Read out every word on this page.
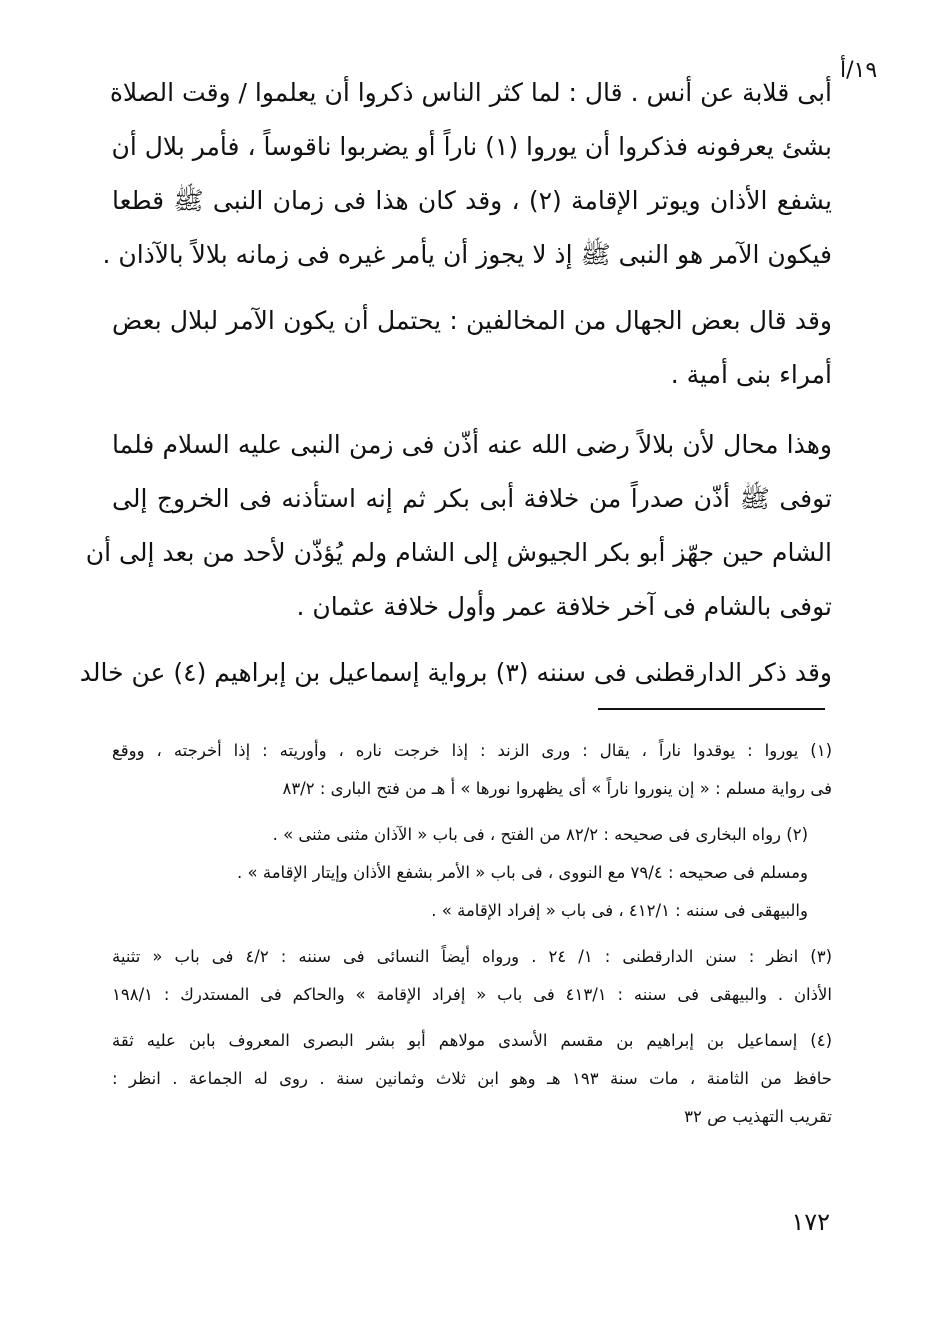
١٩/أ
أبى قلابة عن أنس . قال : لما كثر الناس ذكروا أن يعلموا / وقت الصلاة
بشئ يعرفونه فذكروا أن يوروا (١) ناراً أو يضربوا ناقوساً ، فأمر بلال أن
يشفع الأذان ويوتر الإقامة (٢) ، وقد كان هذا فى زمان النبى ﷺ قطعا
فيكون الآمر هو النبى ﷺ إذ لا يجوز أن يأمر غيره فى زمانه بلالاً بالآذان .
وقد قال بعض الجهال من المخالفين : يحتمل أن يكون الآمر لبلال بعض
أمراء بنى أمية .
وهذا محال لأن بلالاً رضى الله عنه أذّن فى زمن النبى عليه السلام فلما
توفى ﷺ أذّن صدراً من خلافة أبى بكر ثم إنه استأذنه فى الخروج إلى
الشام حين جهّز أبو بكر الجيوش إلى الشام ولم يُؤذّن لأحد من بعد إلى أن
توفى بالشام فى آخر خلافة عمر وأول خلافة عثمان .
وقد ذكر الدارقطنى فى سننه (٣) برواية إسماعيل بن إبراهيم (٤) عن خالد
(١) يوروا : يوقدوا ناراً ، يقال : ورى الزند : إذا خرجت ناره ، وأوريته : إذا أخرجته ، ووقع
فى رواية مسلم : « إن ينوروا ناراً » أى يظهروا نورها » أ هـ من فتح البارى : ٨٣/٢
(٢) رواه البخارى فى صحيحه : ٨٢/٢ من الفتح ، فى باب « الآذان مثنى مثنى » .
ومسلم فى صحيحه : ٧٩/٤ مع النووى ، فى باب « الأمر بشفع الأذان وإيتار الإقامة » .
والبيهقى فى سننه : ٤١٢/١ ، فى باب « إفراد الإقامة » .
(٣) انظر : سنن الدارقطنى : ١/ ٢٤ . ورواه أيضاً النسائى فى سننه : ٤/٢ فى باب « تثنية
الأذان . والبيهقى فى سننه : ٤١٣/١ فى باب « إفراد الإقامة » والحاكم فى المستدرك : ١٩٨/١
(٤) إسماعيل بن إبراهيم بن مقسم الأسدى مولاهم أبو بشر البصرى المعروف بابن عليه ثقة
حافظ من الثامنة ، مات سنة ١٩٣ هـ وهو ابن ثلاث وثمانين سنة . روى له الجماعة . انظر :
تقريب التهذيب ص ٣٢
١٧٢
